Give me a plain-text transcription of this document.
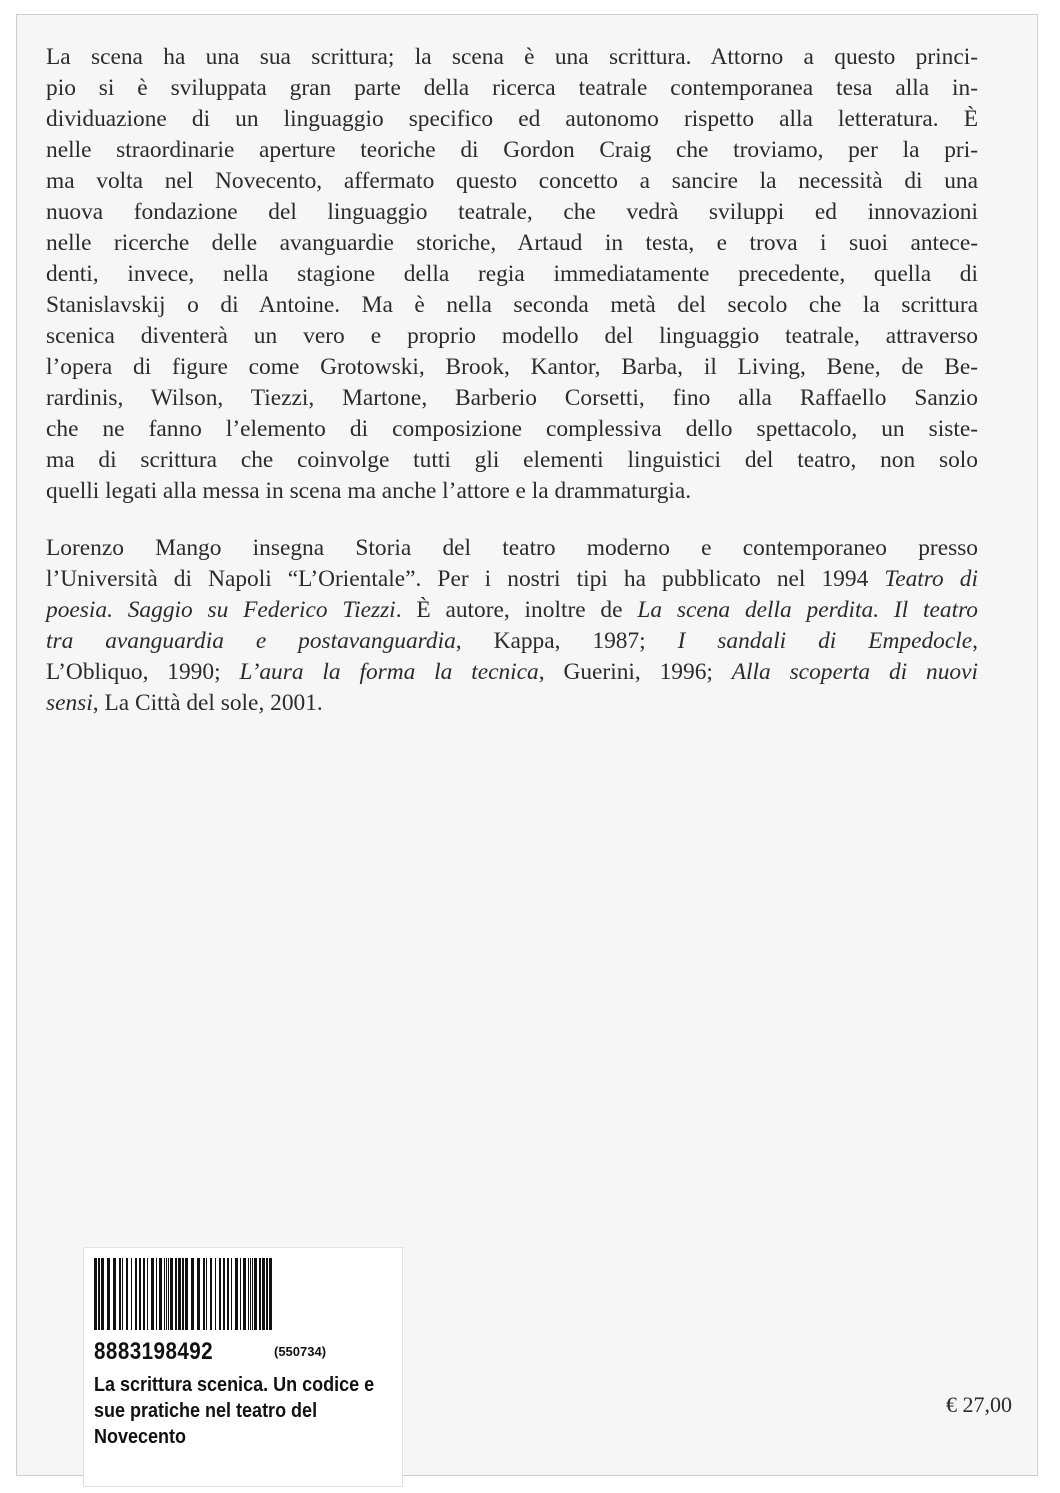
La scena ha una sua scrittura; la scena è una scrittura. Attorno a questo princi-
pio si è sviluppata gran parte della ricerca teatrale contemporanea tesa alla in-
dividuazione di un linguaggio specifico ed autonomo rispetto alla letteratura. È
nelle straordinarie aperture teoriche di Gordon Craig che troviamo, per la pri-
ma volta nel Novecento, affermato questo concetto a sancire la necessità di una
nuova fondazione del linguaggio teatrale, che vedrà sviluppi ed innovazioni
nelle ricerche delle avanguardie storiche, Artaud in testa, e trova i suoi antece-
denti, invece, nella stagione della regia immediatamente precedente, quella di
Stanislavskij o di Antoine. Ma è nella seconda metà del secolo che la scrittura
scenica diventerà un vero e proprio modello del linguaggio teatrale, attraverso
l’opera di figure come Grotowski, Brook, Kantor, Barba, il Living, Bene, de Be-
rardinis, Wilson, Tiezzi, Martone, Barberio Corsetti, fino alla Raffaello Sanzio
che ne fanno l’elemento di composizione complessiva dello spettacolo, un siste-
ma di scrittura che coinvolge tutti gli elementi linguistici del teatro, non solo
quelli legati alla messa in scena ma anche l’attore e la drammaturgia.
Lorenzo Mango insegna Storia del teatro moderno e contemporaneo presso
l’Università di Napoli “L’Orientale”. Per i nostri tipi ha pubblicato nel 1994 Teatro di
poesia. Saggio su Federico Tiezzi. È autore, inoltre de La scena della perdita. Il teatro
tra avanguardia e postavanguardia, Kappa, 1987; I sandali di Empedocle,
L’Obliquo, 1990; L’aura la forma la tecnica, Guerini, 1996; Alla scoperta di nuovi
sensi, La Città del sole, 2001.
€ 27,00
8883198492	(550734)
La scrittura scenica. Un codice e
sue pratiche nel teatro del
Novecento
